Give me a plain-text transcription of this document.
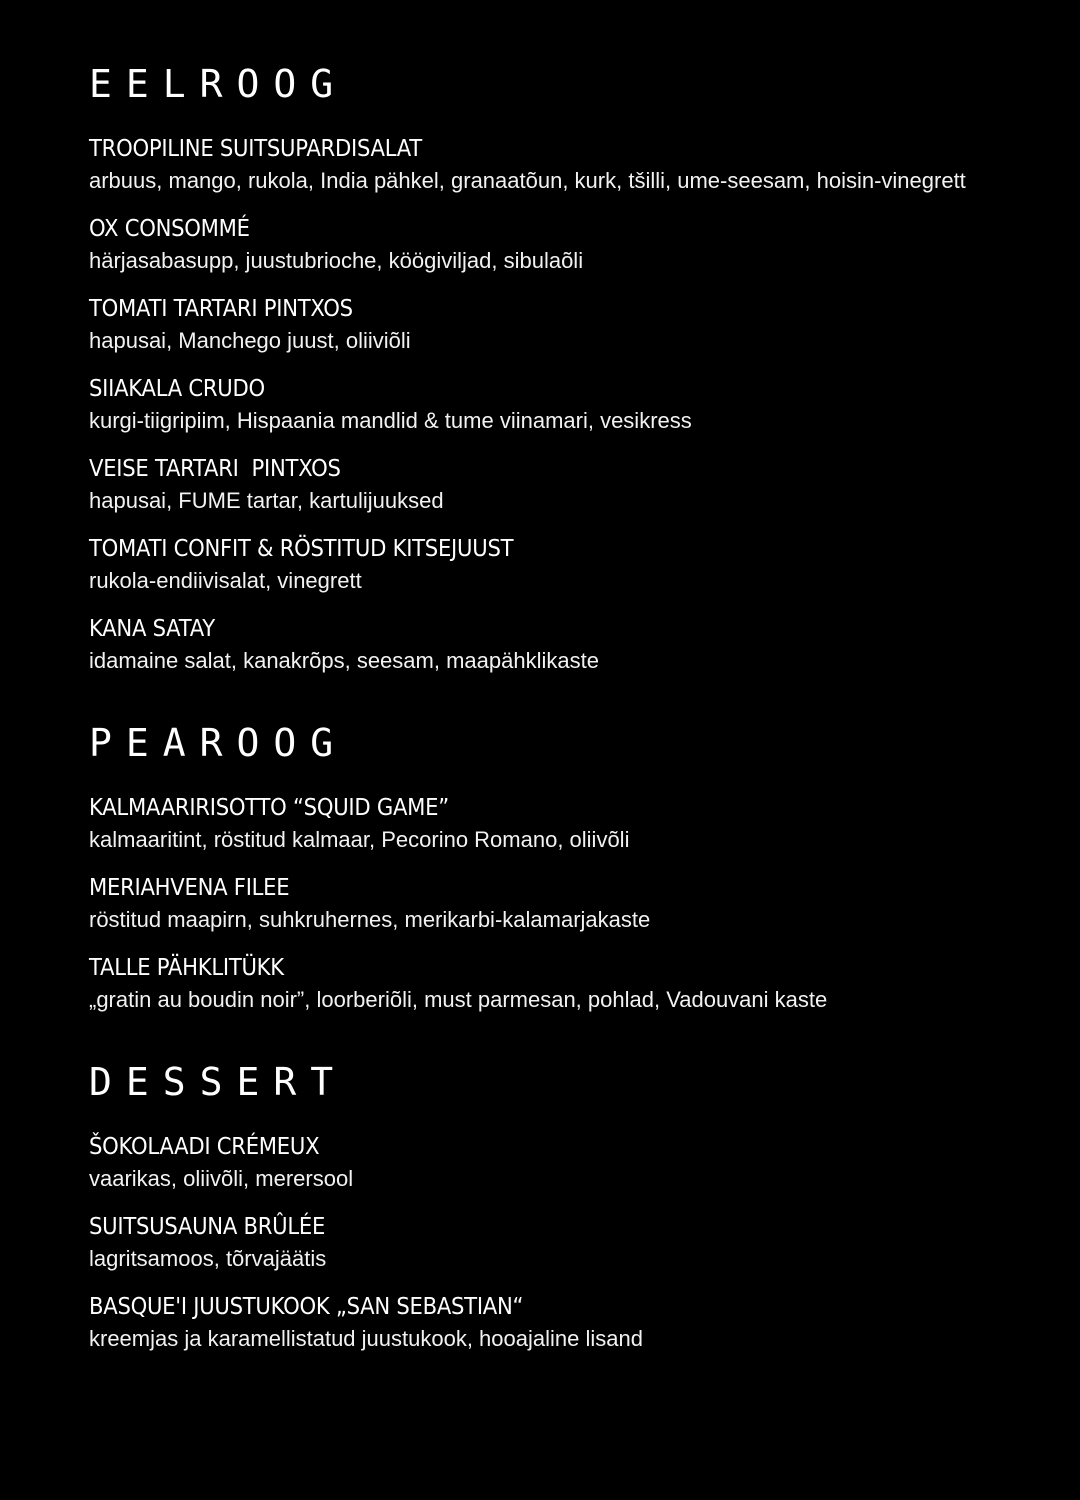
EELROOG
TROOPILINE SUITSUPARDISALAT
arbuus, mango, rukola, India pähkel, granaatõun, kurk, tšilli, ume-seesam, hoisin-vinegrett
OX CONSOMMÉ
härjasabasupp, juustubrioche, köögiviljad, sibulaõli
TOMATI TARTARI PINTXOS
hapusai, Manchego juust, oliiviõli
SIIAKALA CRUDO
kurgi-tiigripiim, Hispaania mandlid & tume viinamari, vesikress
VEISE TARTARI  PINTXOS
hapusai, FUME tartar, kartulijuuksed
TOMATI CONFIT & RÖSTITUD KITSEJUUST
rukola-endiivisalat, vinegrett
KANA SATAY
idamaine salat, kanakrõps, seesam, maapähklikaste
PEAROOG
KALMAARIRISOTTO “SQUID GAME”
kalmaaritint, röstitud kalmaar, Pecorino Romano, oliivõli
MERIAHVENA FILEE
röstitud maapirn, suhkruhernes, merikarbi-kalamarjakaste
TALLE PÄHKLITÜKK
„gratin au boudin noir”, loorberiõli, must parmesan, pohlad, Vadouvani kaste
DESSERT
ŠOKOLAADI CRÉMEUX
vaarikas, oliivõli, merersool
SUITSUSAUNA BRÛLÉE
lagritsamoos, tõrvajäätis
BASQUE'I JUUSTUKOOK „SAN SEBASTIAN“
kreemjas ja karamellistatud juustukook, hooajaline lisand
